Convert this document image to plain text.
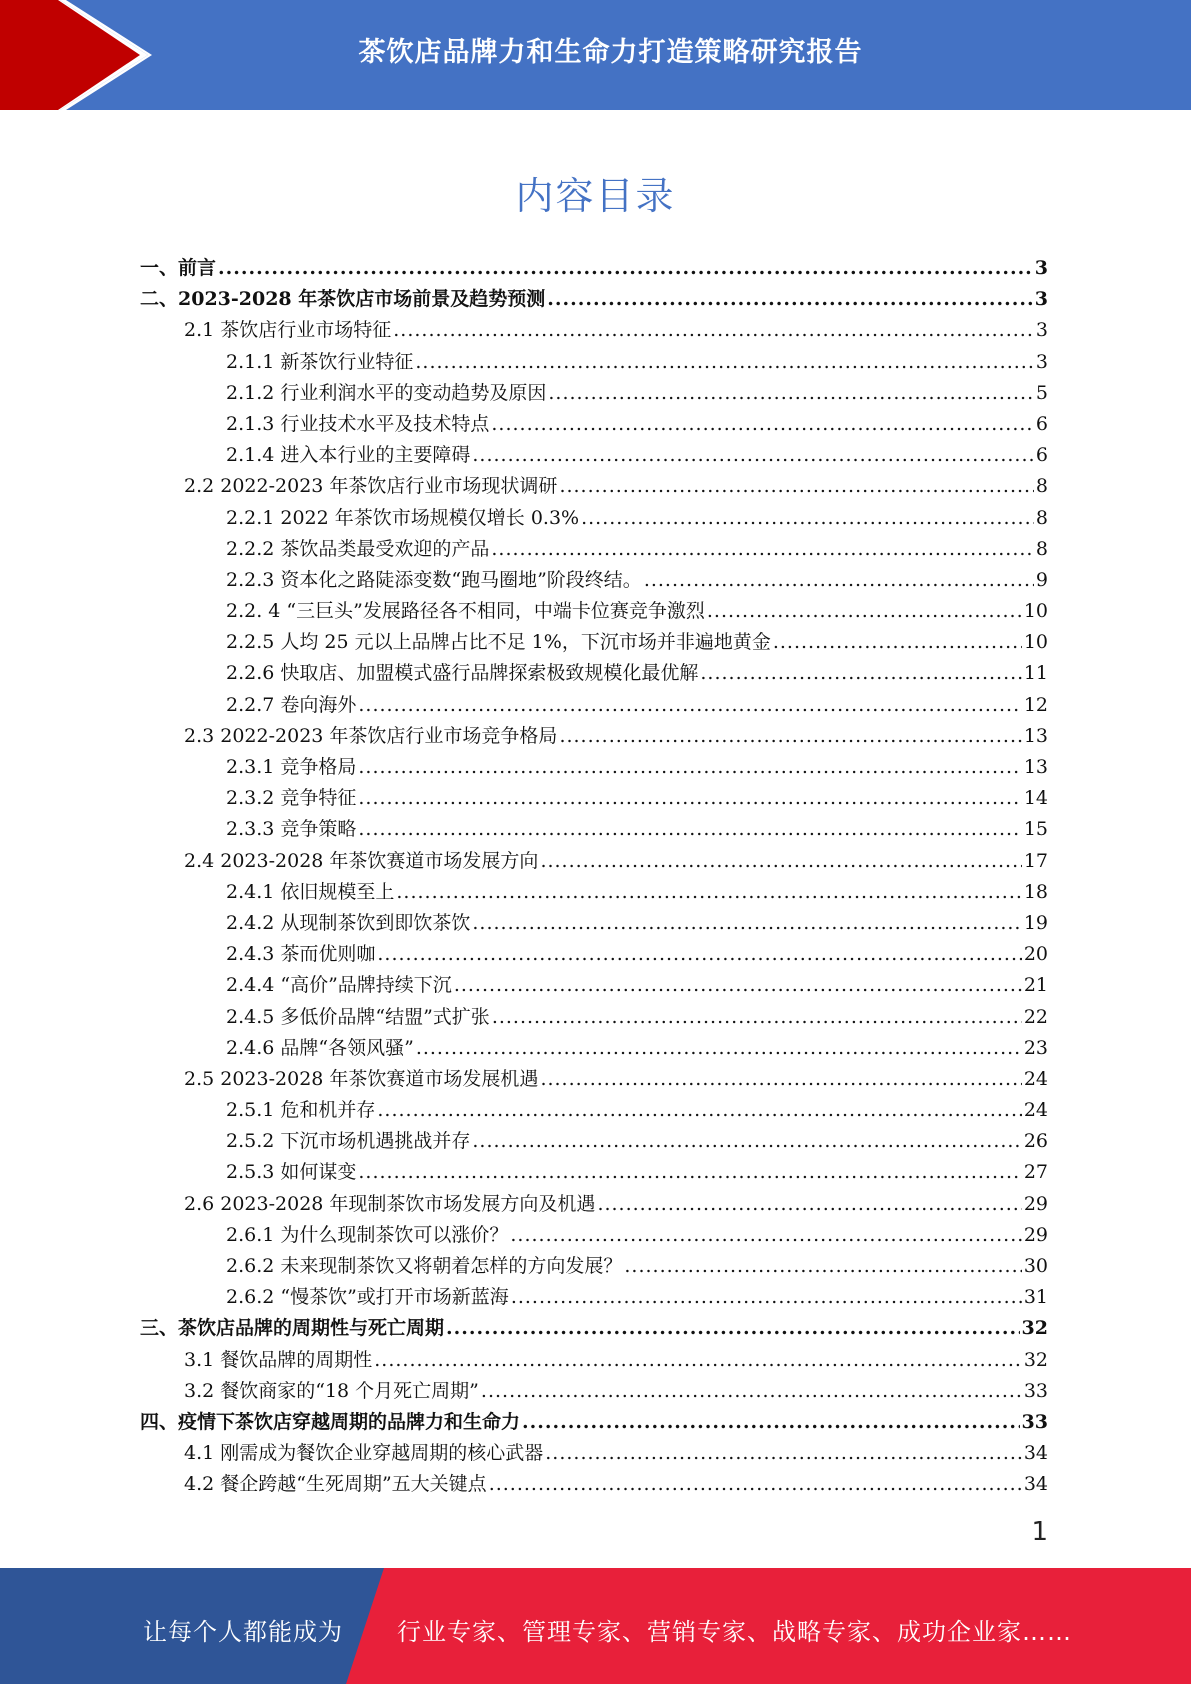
茶饮店品牌力和生命力打造策略研究报告
内容目录
一、前言 .....	3
二、2023-2028 年茶饮店市场前景及趋势预测 .....	3
2.1 茶饮店行业市场特征 .....	3
2.1.1 新茶饮行业特征 .....	3
2.1.2 行业利润水平的变动趋势及原因 .....	5
2.1.3 行业技术水平及技术特点 .....	6
2.1.4 进入本行业的主要障碍 .....	6
2.2 2022-2023 年茶饮店行业市场现状调研 .....	8
2.2.1 2022 年茶饮市场规模仅增长 0.3% .....	8
2.2.2 茶饮品类最受欢迎的产品 .....	8
2.2.3 资本化之路陡添变数“跑马圈地”阶段终结。 .....	9
2.2. 4 “三巨头”发展路径各不相同，中端卡位赛竞争激烈 .....	10
2.2.5 人均 25 元以上品牌占比不足 1%，下沉市场并非遍地黄金 .....	10
2.2.6 快取店、加盟模式盛行品牌探索极致规模化最优解 .....	11
2.2.7 卷向海外 .....	12
2.3 2022-2023 年茶饮店行业市场竞争格局 .....	13
2.3.1 竞争格局 .....	13
2.3.2 竞争特征 .....	14
2.3.3 竞争策略 .....	15
2.4 2023-2028 年茶饮赛道市场发展方向 .....	17
2.4.1 依旧规模至上 .....	18
2.4.2 从现制茶饮到即饮茶饮 .....	19
2.4.3 茶而优则咖 .....	20
2.4.4 “高价”品牌持续下沉 .....	21
2.4.5 多低价品牌“结盟”式扩张 .....	22
2.4.6 品牌“各领风骚” .....	23
2.5 2023-2028 年茶饮赛道市场发展机遇 .....	24
2.5.1 危和机并存 .....	24
2.5.2 下沉市场机遇挑战并存 .....	26
2.5.3 如何谋变 .....	27
2.6 2023-2028 年现制茶饮市场发展方向及机遇 .....	29
2.6.1 为什么现制茶饮可以涨价？ .....	29
2.6.2 未来现制茶饮又将朝着怎样的方向发展？ .....	30
2.6.2 “慢茶饮”或打开市场新蓝海 .....	31
三、茶饮店品牌的周期性与死亡周期 .....	32
3.1 餐饮品牌的周期性 .....	32
3.2 餐饮商家的“18 个月死亡周期” .....	33
四、疫情下茶饮店穿越周期的品牌力和生命力 .....	33
4.1 刚需成为餐饮企业穿越周期的核心武器 .....	34
4.2 餐企跨越“生死周期”五大关键点 .....	34
1
让每个人都能成为 行业专家、管理专家、营销专家、战略专家、成功企业家……
